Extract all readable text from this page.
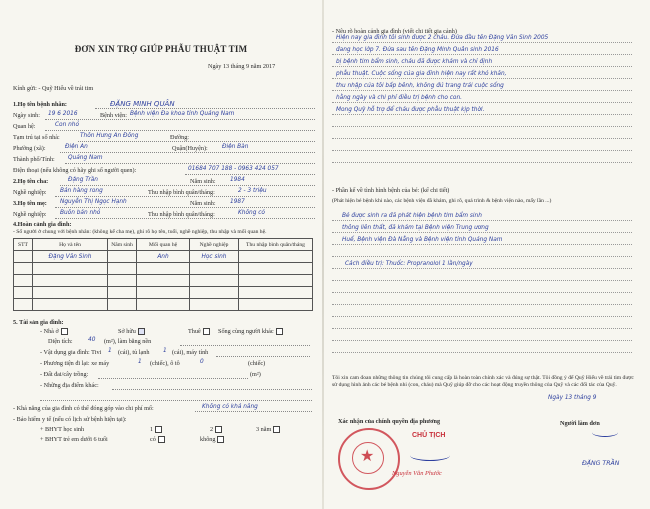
ĐƠN XIN TRỢ GIÚP PHẪU THUẬT TIM
Ngày 13 tháng 9 năm 2017
Kính gửi: - Quỹ Hiểu về trái tim
1.Họ tên bệnh nhân:	ĐẶNG MINH QUÂN
Ngày sinh: 19 6 2016	Bệnh viện: Bệnh viện Đa khoa tỉnh Quảng Nam
Quan hệ:	Con nhỏ
Tạm trú tại số nhà:	Thôn Hưng An Đông	Đường:
Phường (xã):	Điện An	Quận(Huyện): Điện Bàn
Thành phố/Tỉnh: Quảng Nam
Điện thoại (nếu không có hãy ghi số người quen):	01684 707 188 - 0963 424 057
2.Họ tên cha:	Đặng Trần	Năm sinh: 1984
Nghề nghiệp: Bán hàng rong	Thu nhập bình quân/tháng:	2 - 3 triệu
3.Họ tên mẹ: Nguyễn Thị Ngọc Hạnh	Năm sinh: 1987
Nghề nghiệp: Buôn bán nhỏ	Thu nhập bình quân/tháng:	Không có
4.Hoàn cảnh gia đình:
- Số người ở chung với bệnh nhân: (không kể cha mẹ), ghi rõ họ tên, tuổi, nghề nghiệp, thu nhập và mối quan hệ.
STT	Họ và tên	Năm sinh	Mối quan hệ	Nghề nghiệp	Thu nhập bình quân/tháng
	Đặng Văn Sinh		Anh	Học sinh	

5. Tài sản gia đình:
- Nhà ở	Sở hữu	Thuê	Sống cùng người khác
Diện tích:	40 (m²), làm bằng nền
- Vật dụng gia đình: Tivi 1 (cái), tủ lạnh 1 (cái), máy tính
- Phương tiện đi lại: xe máy	1 (chiếc), ô tô	0	(chiếc)
- Đất đai/cây trồng:	(m²)
- Những địa điểm khác:
- Khả năng của gia đình có thể đóng góp vào chi phí mổ:	Không có khả năng
- Bảo hiểm y tế (nếu có lịch sử bệnh hiện tại):
+ BHYT học sinh	1	2	3 năm
+ BHYT trẻ em dưới 6 tuổi	có	không
- Nêu rõ hoàn cảnh gia đình (viết chi tiết gia cảnh)
Hiện nay gia đình tôi sinh được 2 cháu. Đứa đầu tên Đặng Văn Sinh 2005
đang học lớp 7. Đứa sau tên Đặng Minh Quân sinh 2016
bị bệnh tim bẩm sinh, cháu đã được khám và chỉ định
phẫu thuật. Cuộc sống của gia đình hiện nay rất khó khăn,
thu nhập của tôi bấp bênh, không đủ trang trải cuộc sống
hằng ngày và chi phí điều trị bệnh cho con.
Mong Quỹ hỗ trợ để cháu được phẫu thuật kịp thời.
- Phần kể về tình hình bệnh của bé: (kể chi tiết)
(Phát hiện bé bệnh khi nào, các bệnh viện đã khám, ghi rõ, quá trình & bệnh viện nào, mấy lần ...)
Bé được sinh ra đã phát hiện bệnh tim bẩm sinh
thông liên thất, đã khám tại Bệnh viện Trung ương
Huế, Bệnh viện Đà Nẵng và Bệnh viện tỉnh Quảng Nam
Cách điều trị: Thuốc: Propranolol 1 lần/ngày
Tôi xin cam đoan những thông tin chúng tôi cung cấp là hoàn toàn chính xác và đúng sự thật. Tôi đồng ý để Quỹ Hiểu về trái tim được sử dụng hình ảnh các bé bệnh nhi (con, cháu) mà Quỹ giúp đỡ cho các hoạt động truyền thông của Quỹ và các đối tác của Quỹ.
Ngày 13 tháng 9
Xác nhận của chính quyền địa phương	Người làm đơn
★
CHỦ TỊCH
Nguyễn Văn Phước
ĐẶNG TRẦN
